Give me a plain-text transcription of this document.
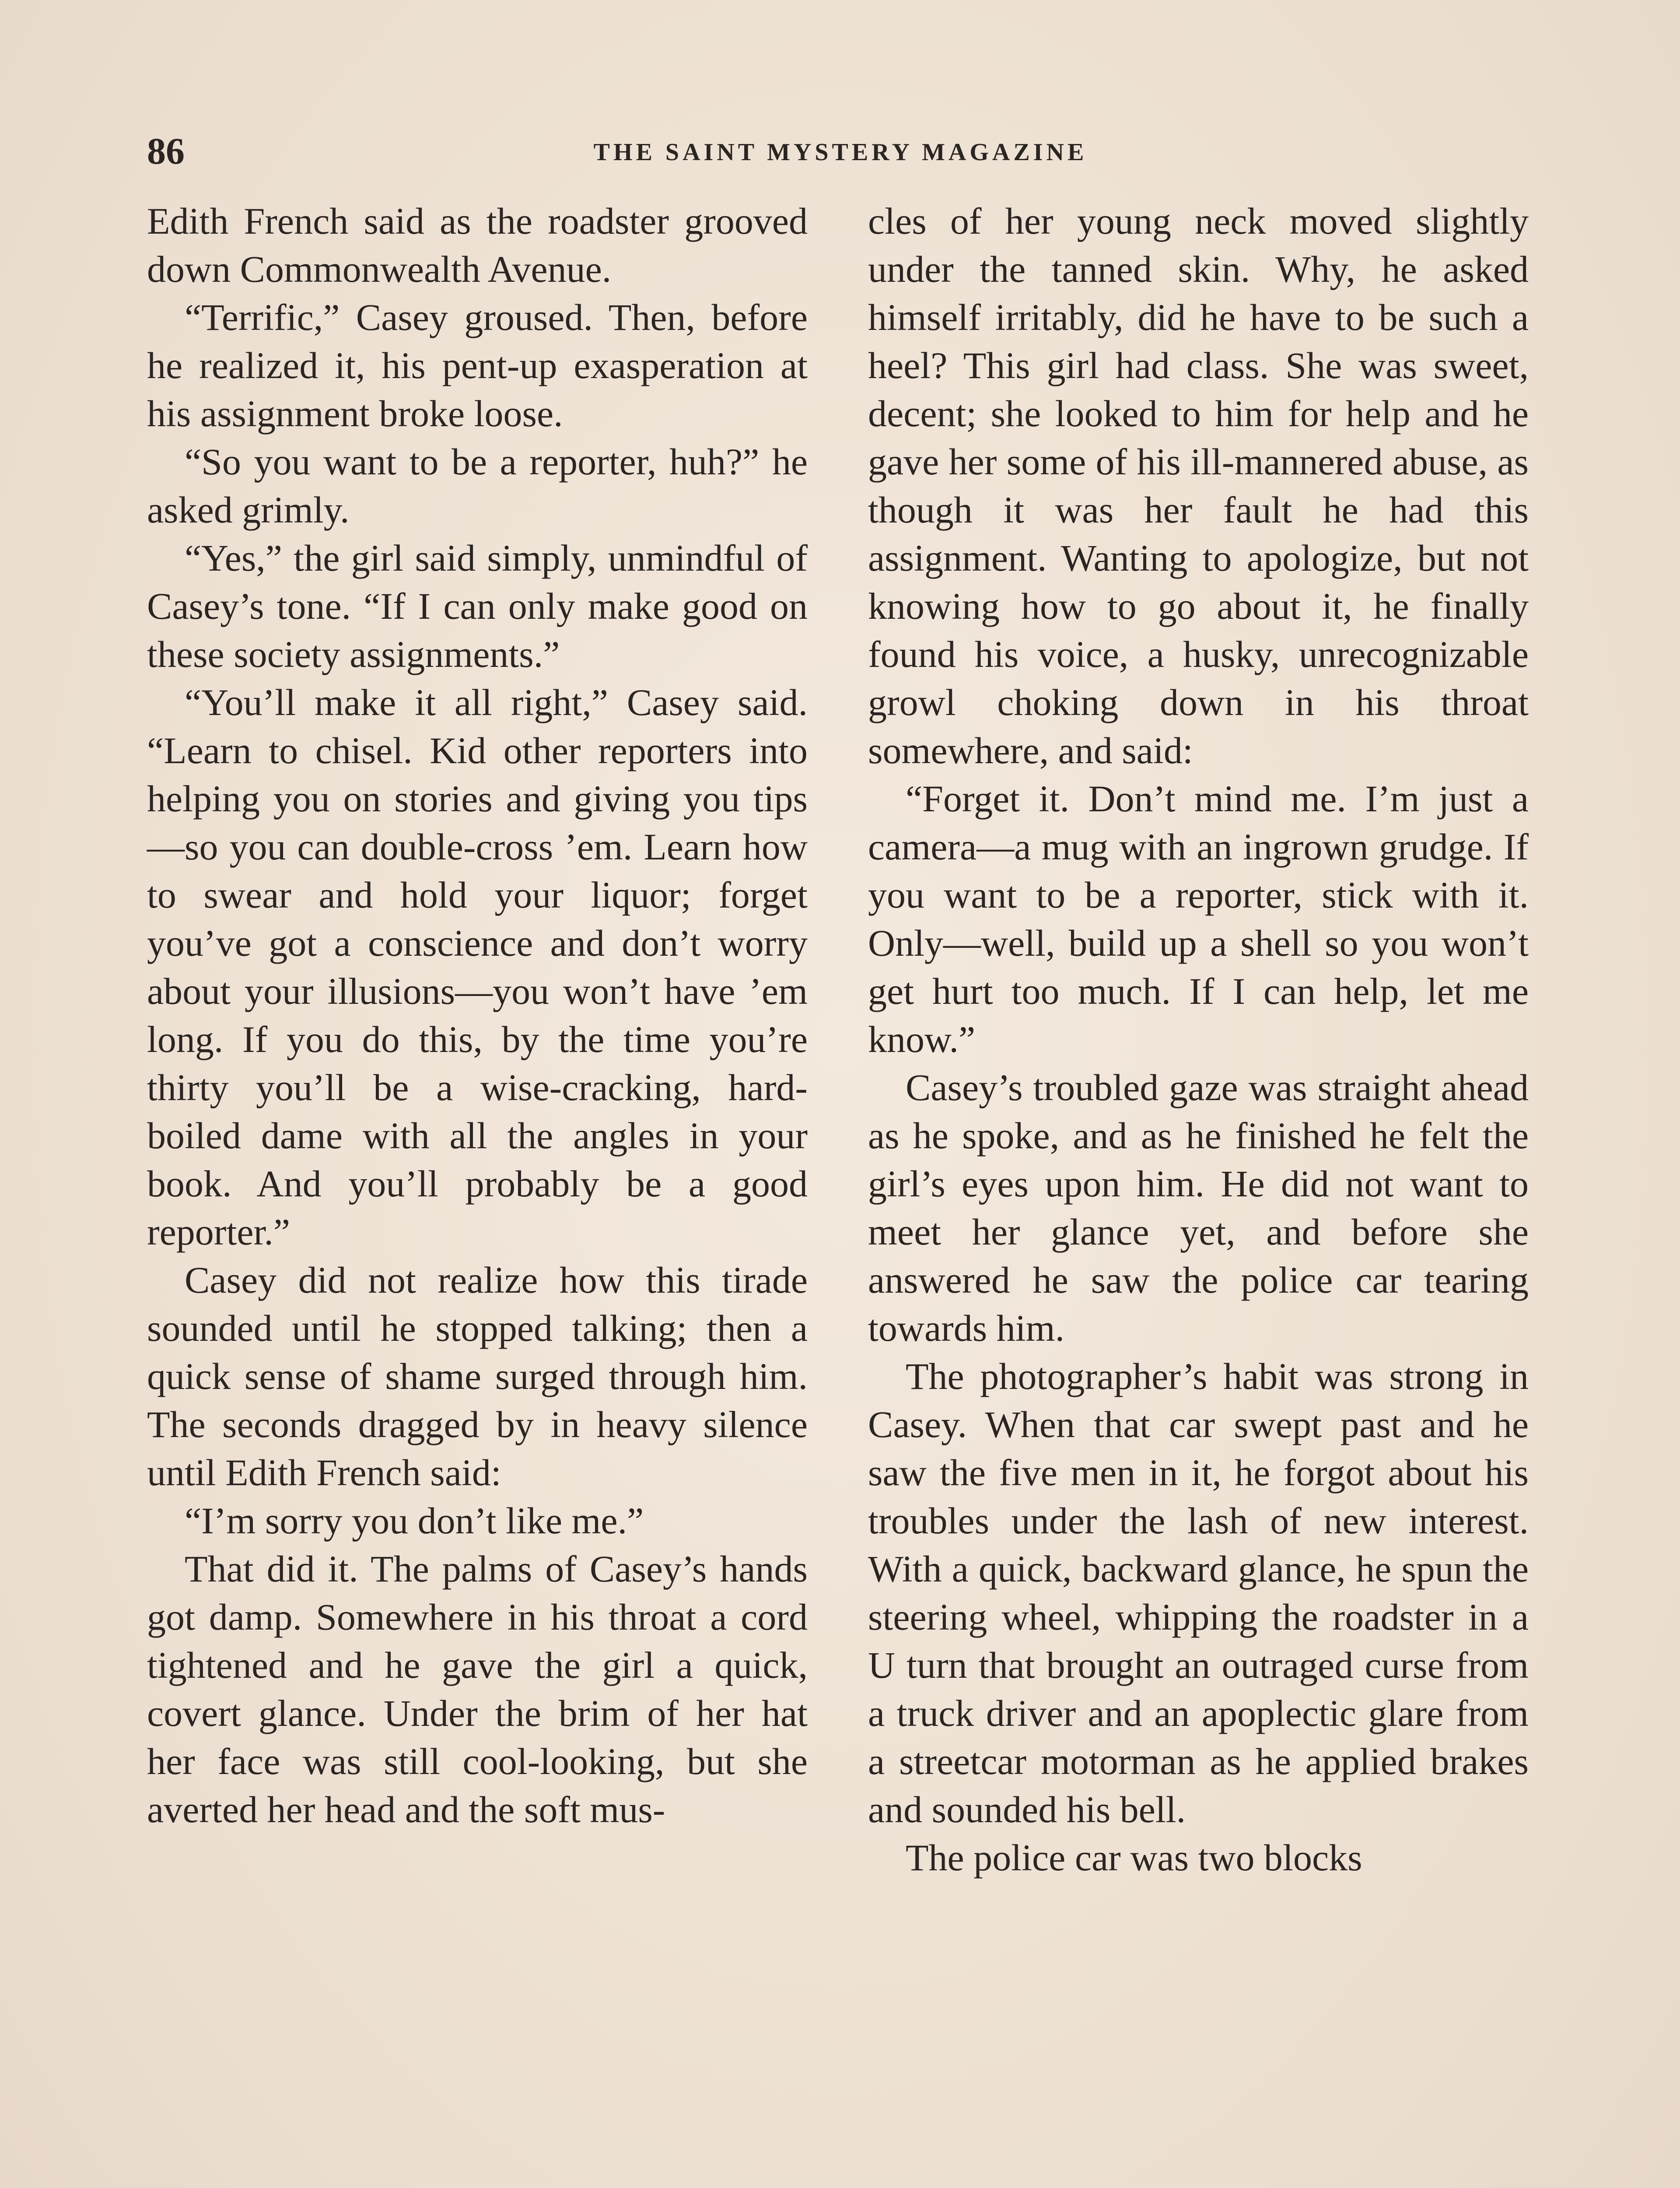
86	THE SAINT MYSTERY MAGAZINE

Edith French said as the roadster grooved down Commonwealth Avenue.

“Terrific,” Casey groused. Then, before he realized it, his pent-up exasperation at his assignment broke loose.

“So you want to be a reporter, huh?” he asked grimly.

“Yes,” the girl said simply, unmindful of Casey’s tone. “If I can only make good on these society assignments.”

“You’ll make it all right,” Casey said. “Learn to chisel. Kid other reporters into helping you on stories and giving you tips—so you can double-cross ’em. Learn how to swear and hold your liquor; forget you’ve got a conscience and don’t worry about your illusions—you won’t have ’em long. If you do this, by the time you’re thirty you’ll be a wise-cracking, hard-boiled dame with all the angles in your book. And you’ll probably be a good reporter.”

Casey did not realize how this tirade sounded until he stopped talking; then a quick sense of shame surged through him. The seconds dragged by in heavy silence until Edith French said:

“I’m sorry you don’t like me.”

That did it. The palms of Casey’s hands got damp. Somewhere in his throat a cord tightened and he gave the girl a quick, covert glance. Under the brim of her hat her face was still cool-looking, but she averted her head and the soft mus-

cles of her young neck moved slightly under the tanned skin. Why, he asked himself irritably, did he have to be such a heel? This girl had class. She was sweet, decent; she looked to him for help and he gave her some of his ill-mannered abuse, as though it was her fault he had this assignment. Wanting to apologize, but not knowing how to go about it, he finally found his voice, a husky, unrecognizable growl choking down in his throat somewhere, and said:

“Forget it. Don’t mind me. I’m just a camera—a mug with an ingrown grudge. If you want to be a reporter, stick with it. Only—well, build up a shell so you won’t get hurt too much. If I can help, let me know.”

Casey’s troubled gaze was straight ahead as he spoke, and as he finished he felt the girl’s eyes upon him. He did not want to meet her glance yet, and before she answered he saw the police car tearing towards him.

The photographer’s habit was strong in Casey. When that car swept past and he saw the five men in it, he forgot about his troubles under the lash of new interest. With a quick, backward glance, he spun the steering wheel, whipping the roadster in a U turn that brought an outraged curse from a truck driver and an apoplectic glare from a streetcar motorman as he applied brakes and sounded his bell.

The police car was two blocks
